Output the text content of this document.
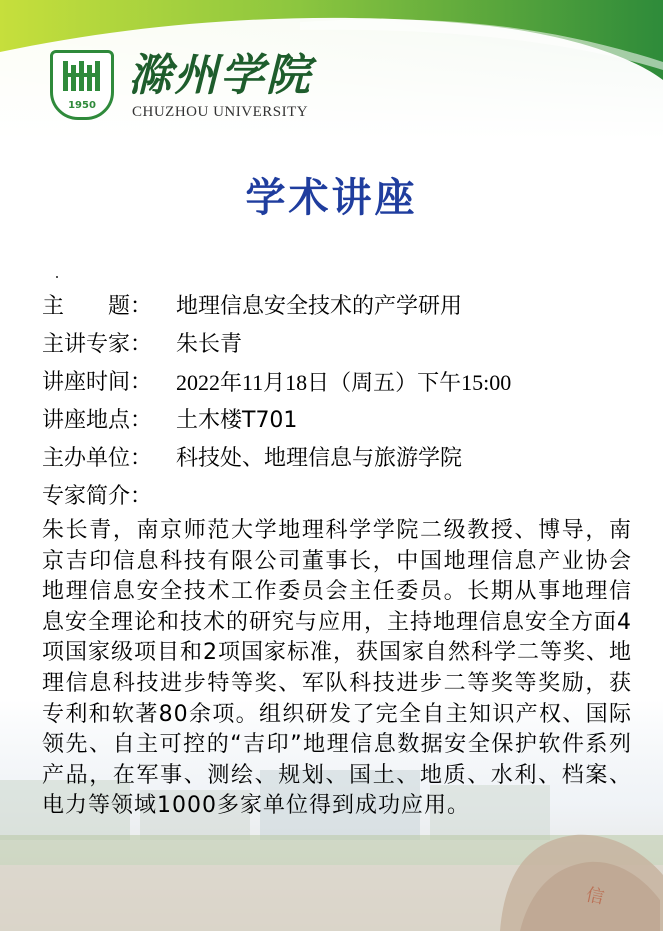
1950
滁州学院
CHUZHOU UNIVERSITY
学术讲座
主　　题：	地理信息安全技术的产学研用
主讲专家：	朱长青
讲座时间：	2022年11月18日（周五）下午15:00
讲座地点：	土木楼T701
主办单位：	科技处、地理信息与旅游学院
专家简介：
信
朱长青，南京师范大学地理科学学院二级教授、博导，南京吉印信息科技有限公司董事长，中国地理信息产业协会地理信息安全技术工作委员会主任委员。长期从事地理信息安全理论和技术的研究与应用，主持地理信息安全方面4项国家级项目和2项国家标准，获国家自然科学二等奖、地理信息科技进步特等奖、军队科技进步二等奖等奖励，获专利和软著80余项。组织研发了完全自主知识产权、国际领先、自主可控的“吉印”地理信息数据安全保护软件系列产品，在军事、测绘、规划、国土、地质、水利、档案、电力等领域1000多家单位得到成功应用。
